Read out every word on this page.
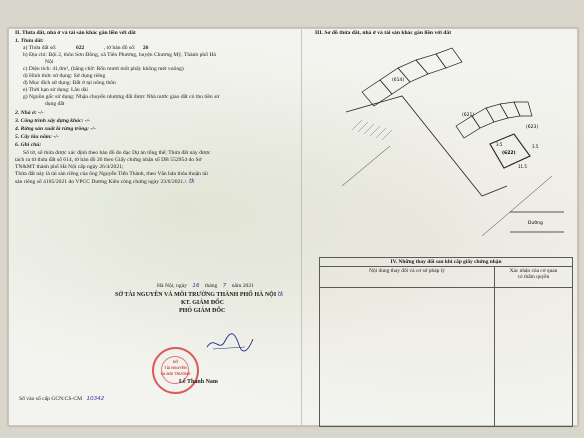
II. Thửa đất, nhà ở và tài sản khác gắn liền với đất
1. Thửa đất:
a) Thửa đất số:	622	, tờ bản đồ số: 26
b) Địa chỉ: Đội 2, thôn Sơn Đồng, xã Tiên Phương, huyện Chương Mỹ, Thành phố Hà
Nội
c) Diện tích: 41,0m², (bằng chữ: Bốn mươi mốt phẩy không mét vuông)
d) Hình thức sử dụng: Sử dụng riêng
đ) Mục đích sử dụng: Đất ở tại nông thôn
e) Thời hạn sử dụng: Lâu dài
g) Nguồn gốc sử dụng: Nhận chuyển nhượng đất được Nhà nước giao đất có thu tiền sử
dụng đất
2. Nhà ở: -/-
3. Công trình xây dựng khác: -/-
4. Rừng sản xuất là rừng trồng: -/-
5. Cây lâu năm: -/-
6. Ghi chú:
Số tờ, số thửa được xác định theo bản đồ đo đạc Dự án tổng thể; Thửa đất này được
tách ra từ thửa đất số 614, tờ bản đồ 26 theo Giấy chứng nhận số DB 552954 do Sở
TN&MT thành phố Hà Nội cấp ngày 26/4/2021;
Thửa đất này là tài sản riêng của ông Nguyễn Tiến Thành, theo Văn bản thỏa thuận tài
sản riêng số 4185/2021 do VPCC Dương Kiên công chứng ngày 23/6/2021./. tk
Hà Nội, ngày 16 tháng 7 năm 2021
SỞ TÀI NGUYÊN VÀ MÔI TRƯỜNG THÀNH PHỐ HÀ NỘI tk
KT. GIÁM ĐỐC
PHÓ GIÁM ĐỐC
SỞ
TÀI NGUYÊN
VÀ MÔI TRƯỜNG
Lê Thanh Nam
Số vào sổ cấp GCN:CS-CM 10342
III. Sơ đồ thửa đất, nhà ở và tài sản khác gắn liền với đất
(614)
(621)
(622)
(623)
Đường
3.5
11.5
3.5
IV. Những thay đổi sau khi cấp giấy chứng nhận	
Nội dung thay đổi và cơ sở pháp lý	Xác nhận của cơ quan
có thẩm quyền
